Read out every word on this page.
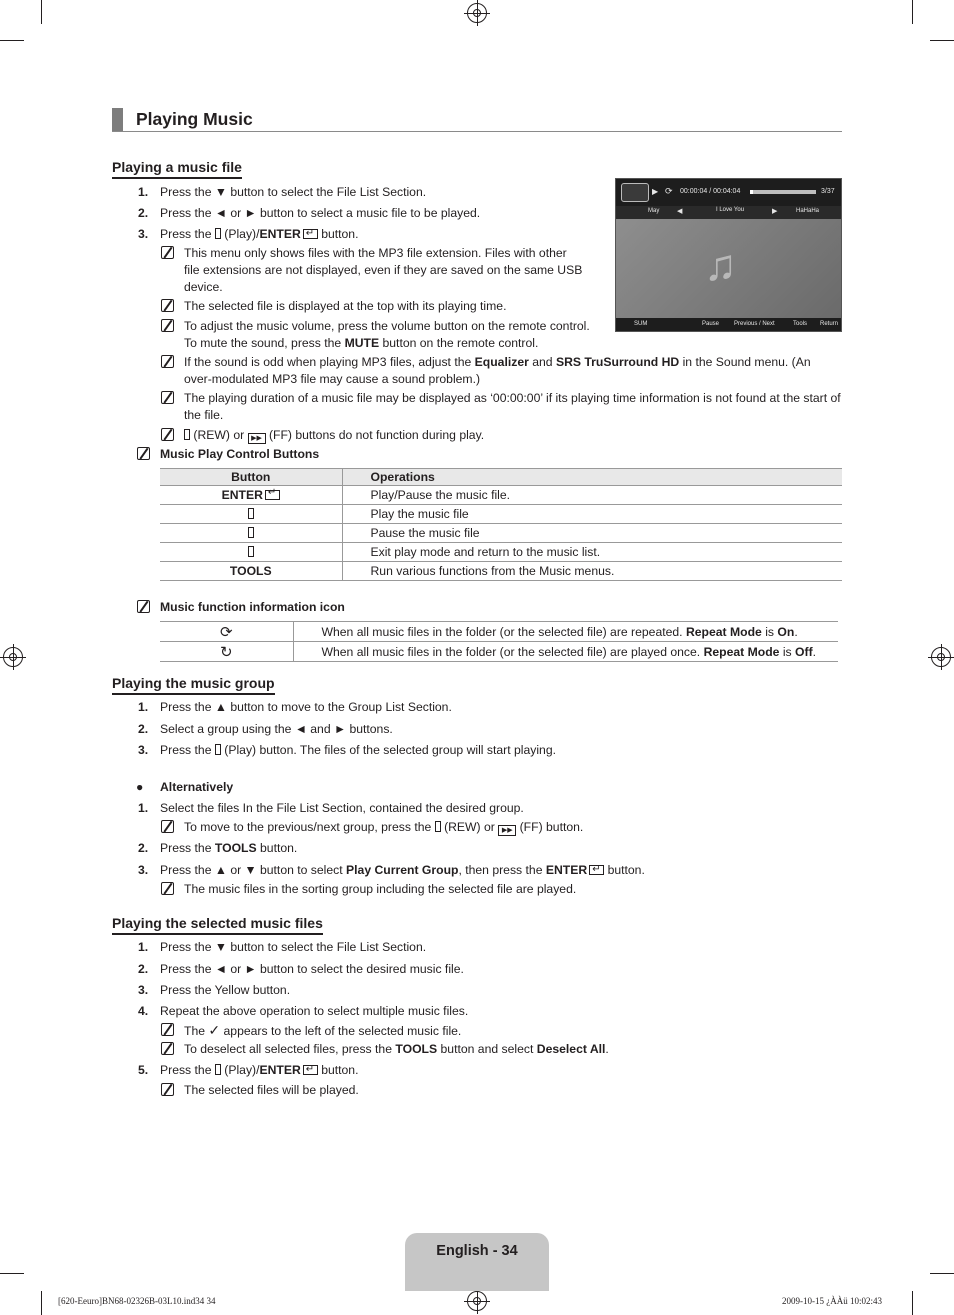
Playing Music
Playing a music file
1. Press the ▼ button to select the File List Section.
2. Press the ◄ or ► button to select a music file to be played.
3. Press the (Play)/ENTER ↵ button.
This menu only shows files with the MP3 file extension. Files with other
file extensions are not displayed, even if they are saved on the same USB
device.
The selected file is displayed at the top with its playing time.
To adjust the music volume, press the volume button on the remote control.
To mute the sound, press the MUTE button on the remote control.
If the sound is odd when playing MP3 files, adjust the Equalizer and SRS TruSurround HD in the Sound menu. (An
over-modulated MP3 file may cause a sound problem.)
The playing duration of a music file may be displayed as ‘00:00:00’ if its playing time information is not found at the start of
the file.
(REW) or ▶▶ (FF) buttons do not function during play.
Music Play Control Buttons
Button	Operations
ENTER↵	Play/Pause the music file.
	Play the music file
	Pause the music file
	Exit play mode and return to the music list.
TOOLS	Run various functions from the Music menus.
Music function information icon
⟳	When all music files in the folder (or the selected file) are repeated. Repeat Mode is On.
↻	When all music files in the folder (or the selected file) are played once. Repeat Mode is Off.
▶ ⟳ 00:00:04 / 00:04:04	3/37
May	◀	I Love You	▶	HaHaHa
♫
SUM	Pause Previous / Next	Tools Return
Playing the music group
1. Press the ▲ button to move to the Group List Section.
2. Select a group using the ◄ and ► buttons.
3. Press the (Play) button. The files of the selected group will start playing.
● Alternatively
1. Select the files In the File List Section, contained the desired group.
To move to the previous/next group, press the (REW) or ▶▶ (FF) button.
2. Press the TOOLS button.
3. Press the ▲ or ▼ button to select Play Current Group, then press the ENTER ↵ button.
The music files in the sorting group including the selected file are played.
Playing the selected music files
1. Press the ▼ button to select the File List Section.
2. Press the ◄ or ► button to select the desired music file.
3. Press the Yellow button.
4. Repeat the above operation to select multiple music files.
The ✓ appears to the left of the selected music file.
To deselect all selected files, press the TOOLS button and select Deselect All.
5. Press the (Play)/ENTER ↵ button.
The selected files will be played.
English - 34
[620-Eeuro]BN68-02326B-03L10.ind34 34	2009-10-15 ¿ÀÀü 10:02:43
